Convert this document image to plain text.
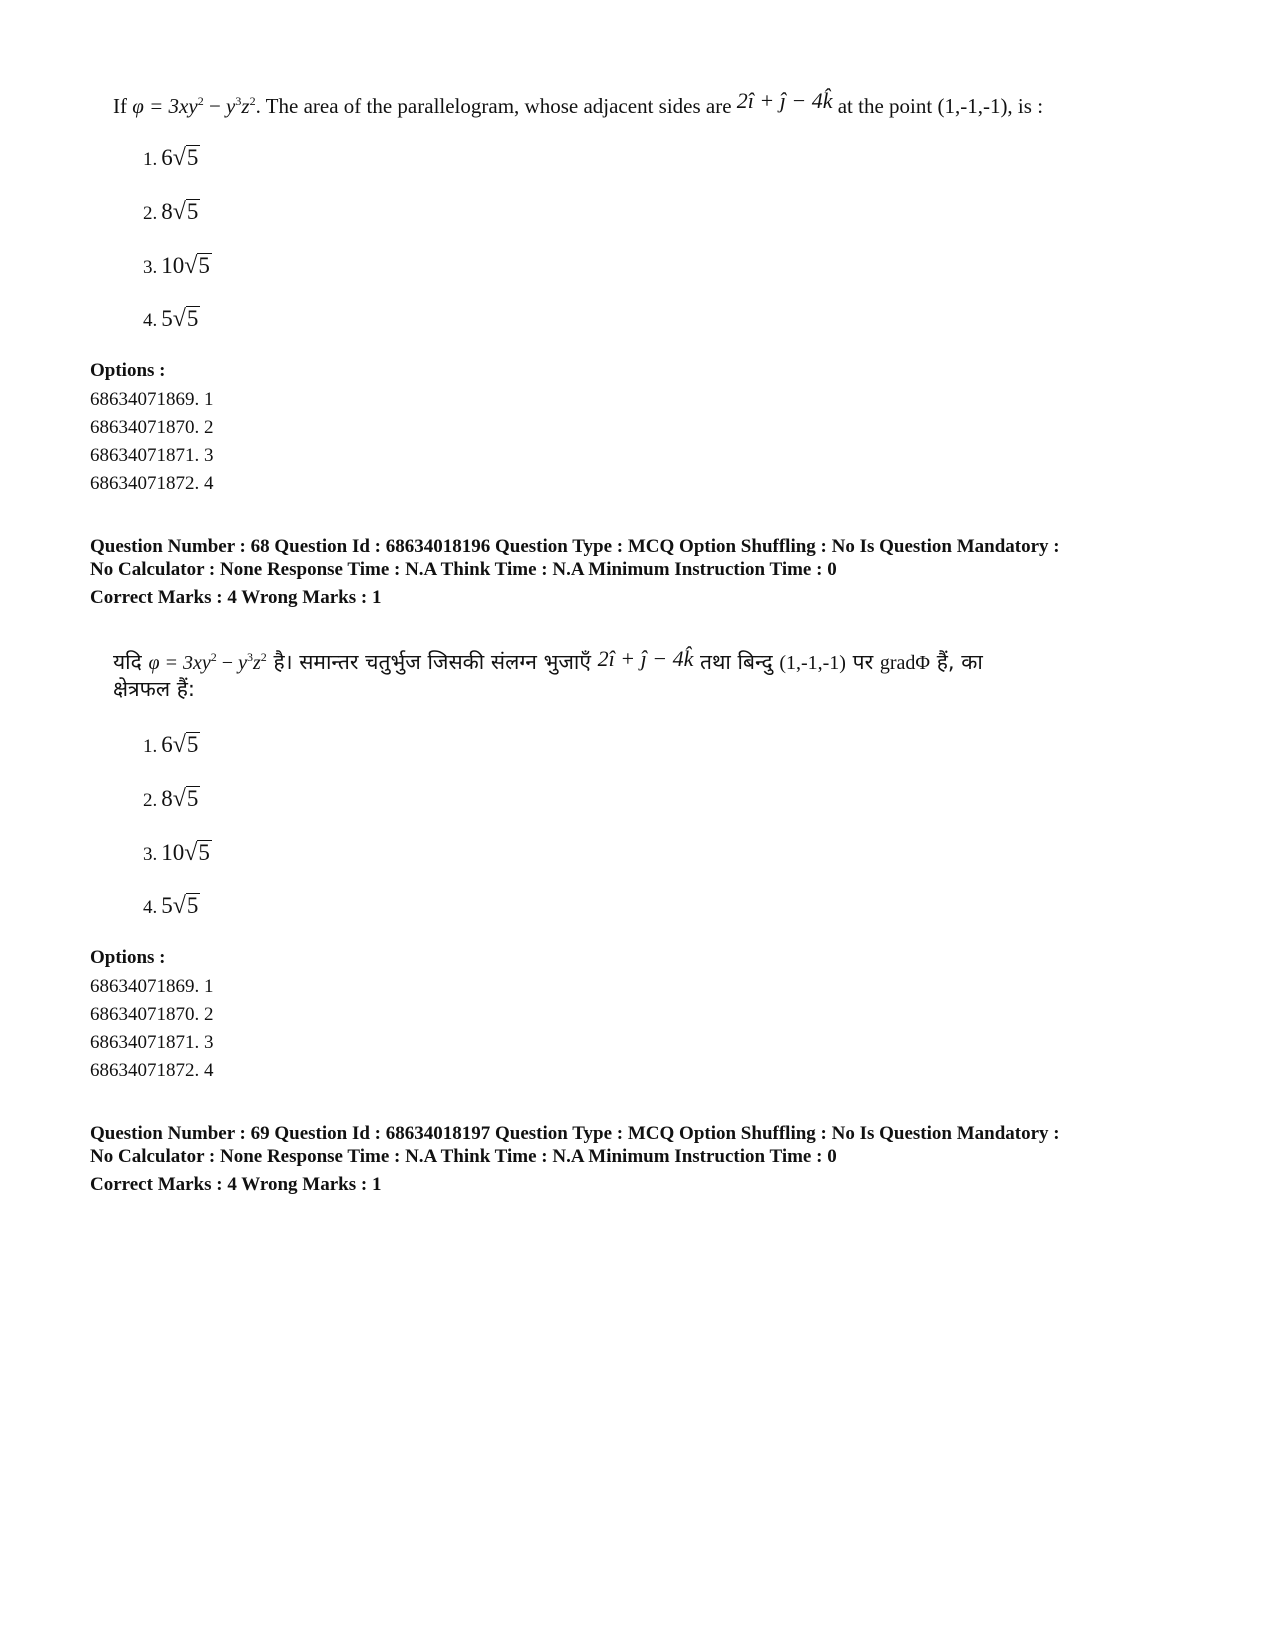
If $\varphi = 3xy^2 - y^3z^2$. The area of the parallelogram, whose adjacent sides are 2î + ĵ − 4k̂ at the point (1,-1,-1), is :
1. 6 √ 5
2. 8 √ 5
3. 10 √ 5
4. 5 √ 5
Options :
68634071869. 1
68634071870. 2
68634071871. 3
68634071872. 4
Question Number : 68 Question Id : 68634018196 Question Type : MCQ Option Shuffling : No Is Question Mandatory :
No Calculator : None Response Time : N.A Think Time : N.A Minimum Instruction Time : 0
Correct Marks : 4 Wrong Marks : 1
यदि $\varphi = 3xy^2 - y^3z^2$ है। समान्तर चतुर्भुज जिसकी संलग्न भुजाएँ 2î + ĵ − 4k̂ तथा बिन्दु (1,-1,-1) पर gradΦ हैं, का
क्षेत्रफल हैं:
1. 6 √ 5
2. 8 √ 5
3. 10 √ 5
4. 5 √ 5
Options :
68634071869. 1
68634071870. 2
68634071871. 3
68634071872. 4
Question Number : 69 Question Id : 68634018197 Question Type : MCQ Option Shuffling : No Is Question Mandatory :
No Calculator : None Response Time : N.A Think Time : N.A Minimum Instruction Time : 0
Correct Marks : 4 Wrong Marks : 1
